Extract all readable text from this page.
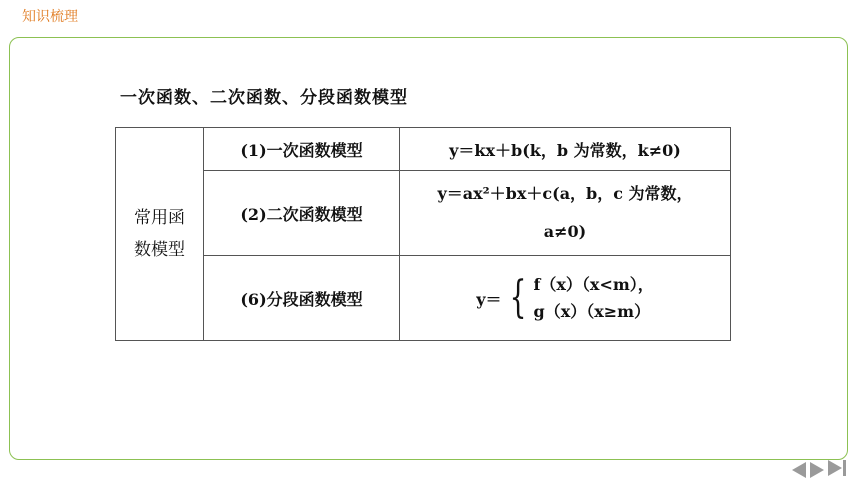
知识梳理
一次函数、二次函数、分段函数模型
常用函
数模型	(1)一次函数模型	y＝kx＋b(k，b 为常数，k≠0)
	(2)二次函数模型	y＝ax²＋bx＋c(a，b，c 为常数，
a≠0)

	(6)分段函数模型	y＝ { f（x）（x<m），
g（x）（x≥m）
